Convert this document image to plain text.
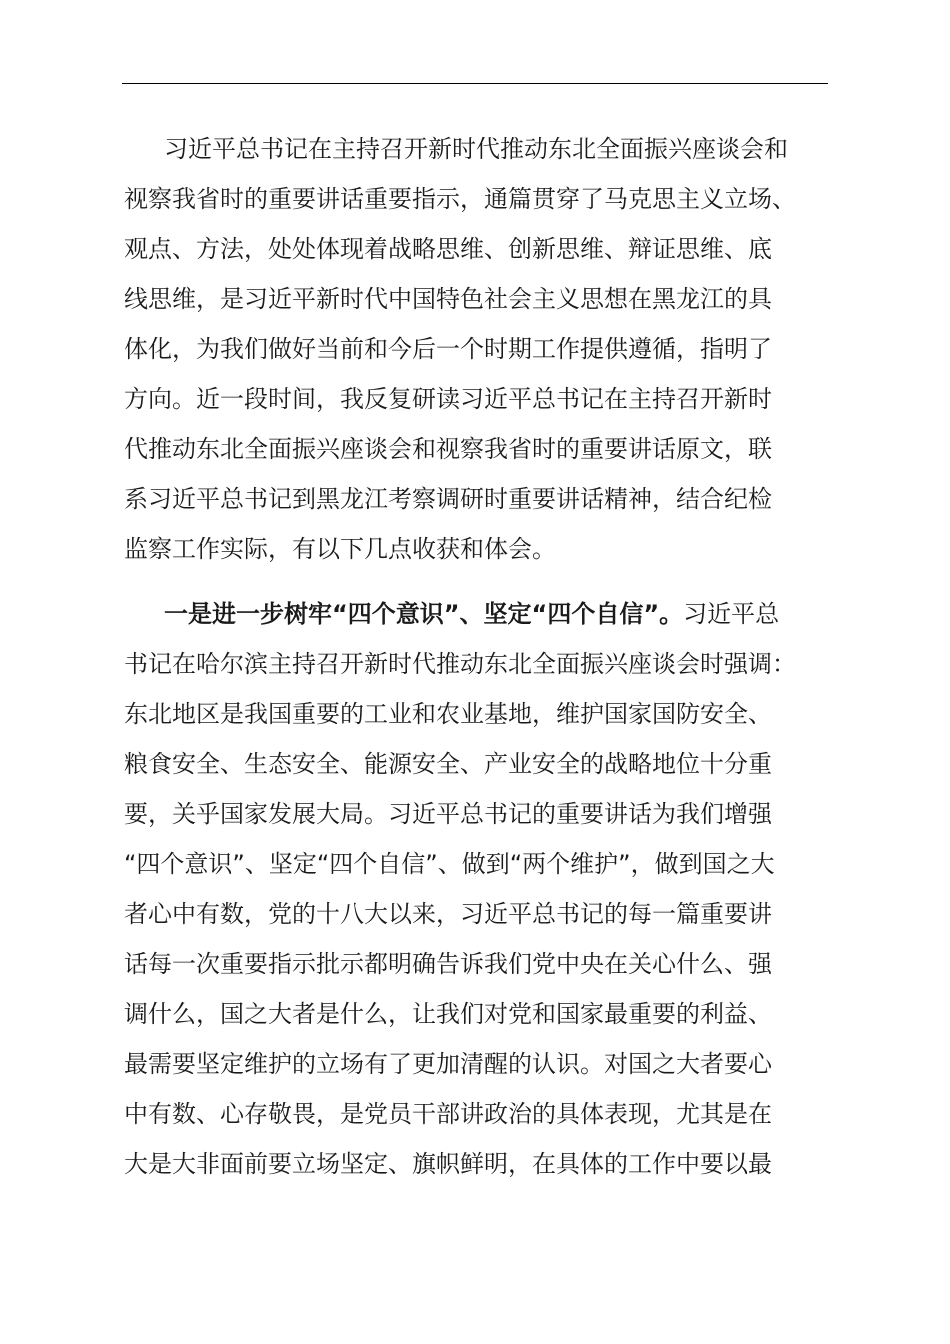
习近平总书记在主持召开新时代推动东北全面振兴座谈会和
视察我省时的重要讲话重要指示，通篇贯穿了马克思主义立场、
观点、方法，处处体现着战略思维、创新思维、辩证思维、底
线思维，是习近平新时代中国特色社会主义思想在黑龙江的具
体化，为我们做好当前和今后一个时期工作提供遵循，指明了
方向。近一段时间，我反复研读习近平总书记在主持召开新时
代推动东北全面振兴座谈会和视察我省时的重要讲话原文，联
系习近平总书记到黑龙江考察调研时重要讲话精神，结合纪检
监察工作实际，有以下几点收获和体会。
一是进一步树牢“四个意识”、坚定“四个自信”。习近平总
书记在哈尔滨主持召开新时代推动东北全面振兴座谈会时强调：
东北地区是我国重要的工业和农业基地，维护国家国防安全、
粮食安全、生态安全、能源安全、产业安全的战略地位十分重
要，关乎国家发展大局。习近平总书记的重要讲话为我们增强
“四个意识”、坚定“四个自信”、做到“两个维护”，做到国之大
者心中有数，党的十八大以来，习近平总书记的每一篇重要讲
话每一次重要指示批示都明确告诉我们党中央在关心什么、强
调什么，国之大者是什么，让我们对党和国家最重要的利益、
最需要坚定维护的立场有了更加清醒的认识。对国之大者要心
中有数、心存敬畏，是党员干部讲政治的具体表现，尤其是在
大是大非面前要立场坚定、旗帜鲜明，在具体的工作中要以最
